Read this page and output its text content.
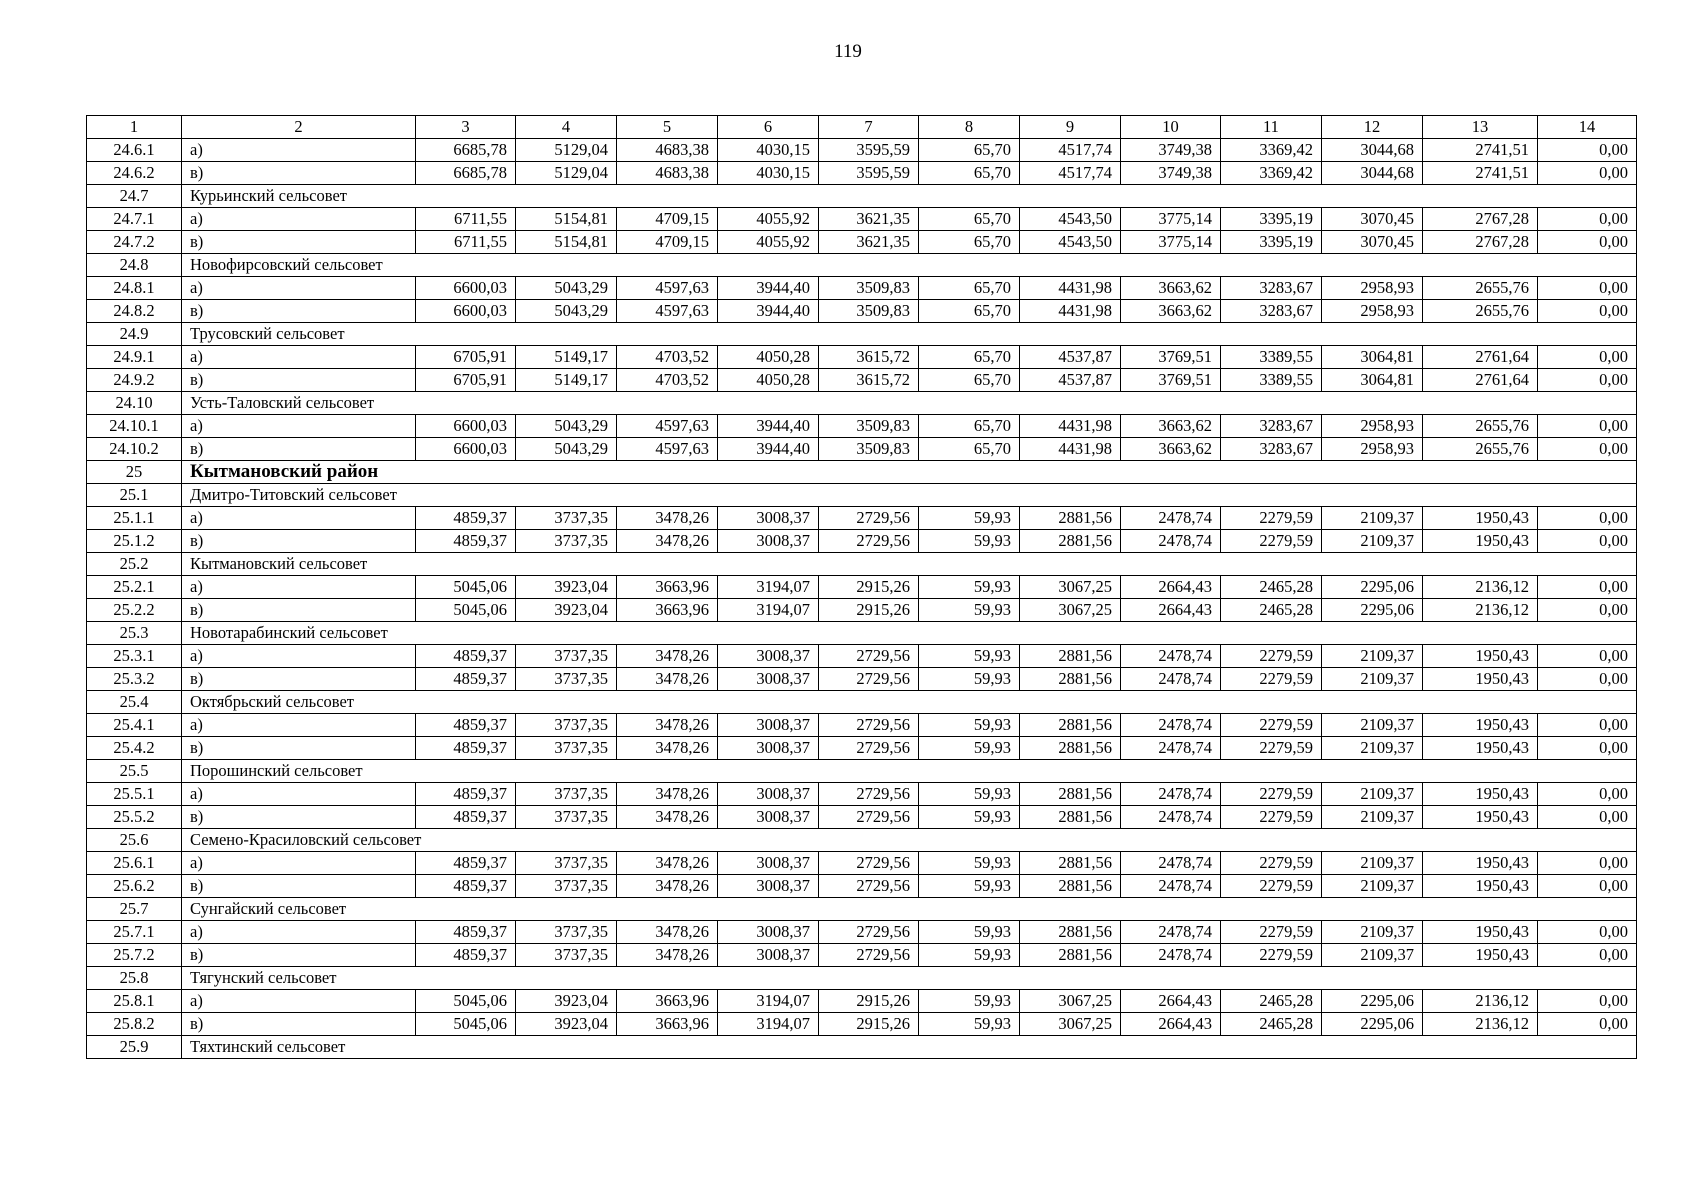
119
1	2	3	4	5	6	7	8	9	10	11	12	13	14
24.6.1	а)	6685,78	5129,04	4683,38	4030,15	3595,59	65,70	4517,74	3749,38	3369,42	3044,68	2741,51	0,00
24.6.2	в)	6685,78	5129,04	4683,38	4030,15	3595,59	65,70	4517,74	3749,38	3369,42	3044,68	2741,51	0,00
24.7	Курьинский сельсовет												
24.7.1	а)	6711,55	5154,81	4709,15	4055,92	3621,35	65,70	4543,50	3775,14	3395,19	3070,45	2767,28	0,00
24.7.2	в)	6711,55	5154,81	4709,15	4055,92	3621,35	65,70	4543,50	3775,14	3395,19	3070,45	2767,28	0,00
24.8	Новофирсовский сельсовет												
24.8.1	а)	6600,03	5043,29	4597,63	3944,40	3509,83	65,70	4431,98	3663,62	3283,67	2958,93	2655,76	0,00
24.8.2	в)	6600,03	5043,29	4597,63	3944,40	3509,83	65,70	4431,98	3663,62	3283,67	2958,93	2655,76	0,00
24.9	Трусовский сельсовет												
24.9.1	а)	6705,91	5149,17	4703,52	4050,28	3615,72	65,70	4537,87	3769,51	3389,55	3064,81	2761,64	0,00
24.9.2	в)	6705,91	5149,17	4703,52	4050,28	3615,72	65,70	4537,87	3769,51	3389,55	3064,81	2761,64	0,00
24.10	Усть-Таловский сельсовет												
24.10.1	а)	6600,03	5043,29	4597,63	3944,40	3509,83	65,70	4431,98	3663,62	3283,67	2958,93	2655,76	0,00
24.10.2	в)	6600,03	5043,29	4597,63	3944,40	3509,83	65,70	4431,98	3663,62	3283,67	2958,93	2655,76	0,00
25	Кытмановский район												
25.1	Дмитро-Титовский сельсовет												
25.1.1	а)	4859,37	3737,35	3478,26	3008,37	2729,56	59,93	2881,56	2478,74	2279,59	2109,37	1950,43	0,00
25.1.2	в)	4859,37	3737,35	3478,26	3008,37	2729,56	59,93	2881,56	2478,74	2279,59	2109,37	1950,43	0,00
25.2	Кытмановский сельсовет												
25.2.1	а)	5045,06	3923,04	3663,96	3194,07	2915,26	59,93	3067,25	2664,43	2465,28	2295,06	2136,12	0,00
25.2.2	в)	5045,06	3923,04	3663,96	3194,07	2915,26	59,93	3067,25	2664,43	2465,28	2295,06	2136,12	0,00
25.3	Новотарабинский сельсовет												
25.3.1	а)	4859,37	3737,35	3478,26	3008,37	2729,56	59,93	2881,56	2478,74	2279,59	2109,37	1950,43	0,00
25.3.2	в)	4859,37	3737,35	3478,26	3008,37	2729,56	59,93	2881,56	2478,74	2279,59	2109,37	1950,43	0,00
25.4	Октябрьский сельсовет												
25.4.1	а)	4859,37	3737,35	3478,26	3008,37	2729,56	59,93	2881,56	2478,74	2279,59	2109,37	1950,43	0,00
25.4.2	в)	4859,37	3737,35	3478,26	3008,37	2729,56	59,93	2881,56	2478,74	2279,59	2109,37	1950,43	0,00
25.5	Порошинский сельсовет												
25.5.1	а)	4859,37	3737,35	3478,26	3008,37	2729,56	59,93	2881,56	2478,74	2279,59	2109,37	1950,43	0,00
25.5.2	в)	4859,37	3737,35	3478,26	3008,37	2729,56	59,93	2881,56	2478,74	2279,59	2109,37	1950,43	0,00
25.6	Семено-Красиловский сельсовет												
25.6.1	а)	4859,37	3737,35	3478,26	3008,37	2729,56	59,93	2881,56	2478,74	2279,59	2109,37	1950,43	0,00
25.6.2	в)	4859,37	3737,35	3478,26	3008,37	2729,56	59,93	2881,56	2478,74	2279,59	2109,37	1950,43	0,00
25.7	Сунгайский сельсовет												
25.7.1	а)	4859,37	3737,35	3478,26	3008,37	2729,56	59,93	2881,56	2478,74	2279,59	2109,37	1950,43	0,00
25.7.2	в)	4859,37	3737,35	3478,26	3008,37	2729,56	59,93	2881,56	2478,74	2279,59	2109,37	1950,43	0,00
25.8	Тягунский сельсовет												
25.8.1	а)	5045,06	3923,04	3663,96	3194,07	2915,26	59,93	3067,25	2664,43	2465,28	2295,06	2136,12	0,00
25.8.2	в)	5045,06	3923,04	3663,96	3194,07	2915,26	59,93	3067,25	2664,43	2465,28	2295,06	2136,12	0,00
25.9	Тяхтинский сельсовет												
